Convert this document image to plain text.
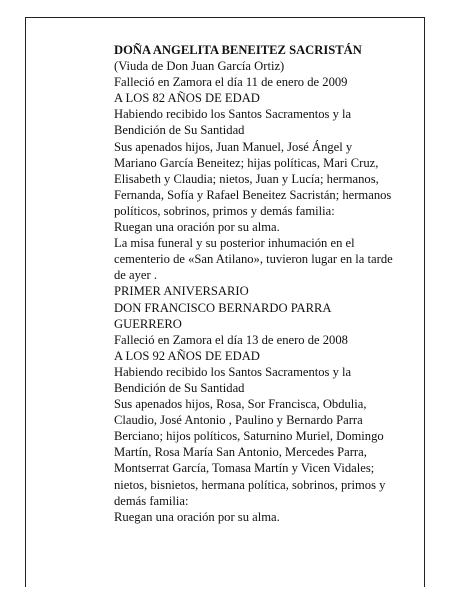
DOÑA ANGELITA BENEITEZ SACRISTÁN
(Viuda de Don Juan García Ortiz)
Falleció en Zamora el día 11 de enero de 2009
A LOS 82 AÑOS DE EDAD
Habiendo recibido los Santos Sacramentos y la
Bendición de Su Santidad
Sus apenados hijos, Juan Manuel, José Ángel y
Mariano García Beneitez; hijas políticas, Mari Cruz,
Elisabeth y Claudia; nietos, Juan y Lucía; hermanos,
Fernanda, Sofía y Rafael Beneitez Sacristán; hermanos
políticos, sobrinos, primos y demás familia:
Ruegan una oración por su alma.
La misa funeral y su posterior inhumación en el
cementerio de «San Atilano», tuvieron lugar en la tarde
de ayer .
PRIMER ANIVERSARIO
DON FRANCISCO BERNARDO PARRA
GUERRERO
Falleció en Zamora el día 13 de enero de 2008
A LOS 92 AÑOS DE EDAD
Habiendo recibido los Santos Sacramentos y la
Bendición de Su Santidad
Sus apenados hijos, Rosa, Sor Francisca, Obdulia,
Claudio, José Antonio , Paulino y Bernardo Parra
Berciano; hijos políticos, Saturnino Muriel, Domingo
Martín, Rosa María San Antonio, Mercedes Parra,
Montserrat García, Tomasa Martín y Vicen Vidales;
nietos, bisnietos, hermana política, sobrinos, primos y
demás familia:
Ruegan una oración por su alma.
